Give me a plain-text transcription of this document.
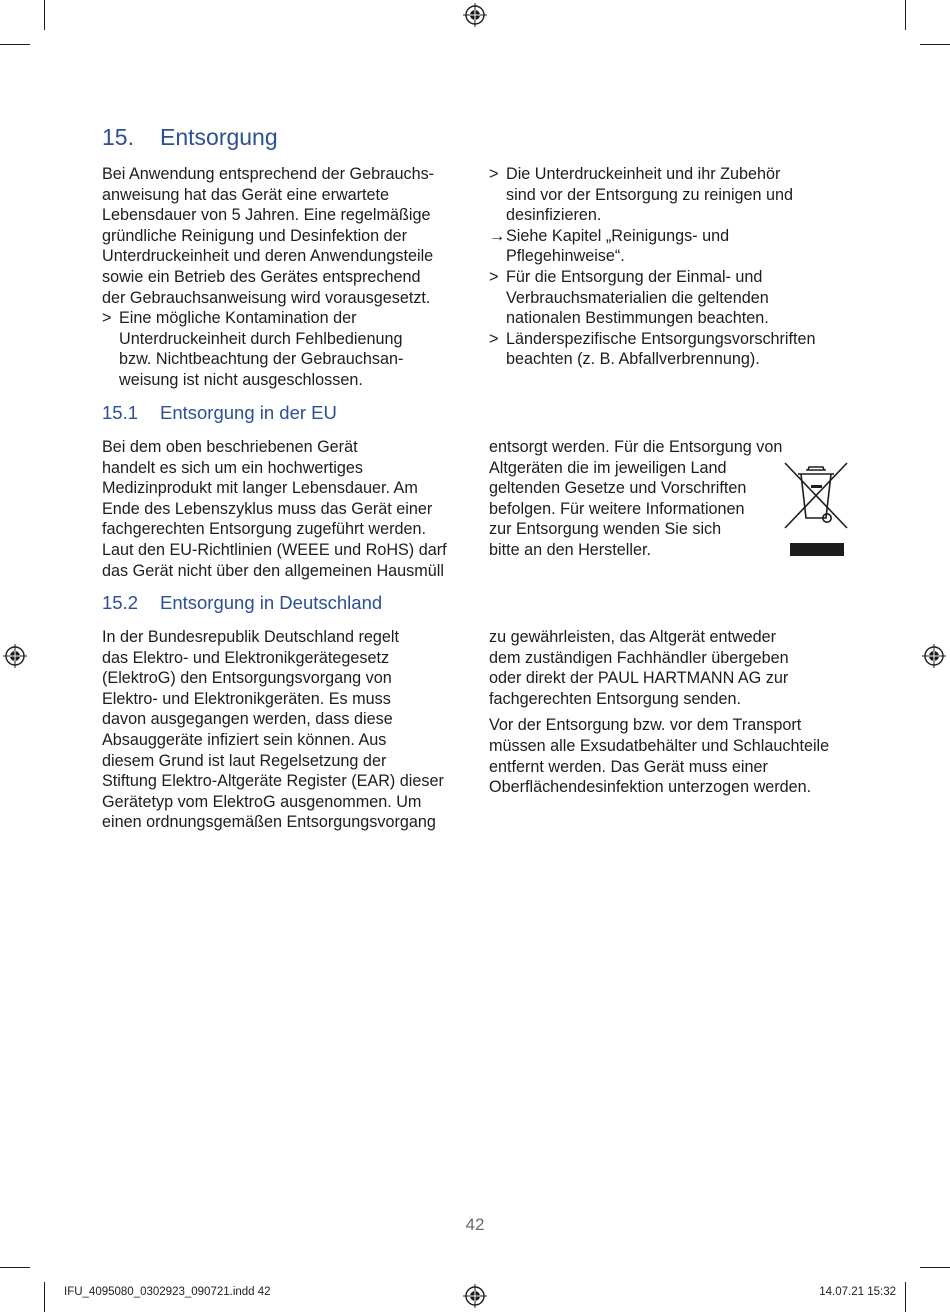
15. Entsorgung
Bei Anwendung entsprechend der Gebrauchs-
anweisung hat das Gerät eine erwartete
Lebensdauer von 5 Jahren. Eine regelmäßige
gründliche Reinigung und Desinfektion der
Unterdruckeinheit und deren Anwendungsteile
sowie ein Betrieb des Gerätes entsprechend
der Gebrauchsanweisung wird vorausgesetzt.
> Eine mögliche Kontamination der
Unterdruckeinheit durch Fehlbedienung
bzw. Nichtbeachtung der Gebrauchsan-
weisung ist nicht ausgeschlossen.
> Die Unterdruckeinheit und ihr Zubehör
sind vor der Entsorgung zu reinigen und
desinfizieren.
→ Siehe Kapitel „Reinigungs- und
Pflegehinweise“.
> Für die Entsorgung der Einmal- und
Verbrauchsmaterialien die geltenden
nationalen Bestimmungen beachten.
> Länderspezifische Entsorgungsvorschriften
beachten (z. B. Abfallverbrennung).
15.1 Entsorgung in der EU
Bei dem oben beschriebenen Gerät
handelt es sich um ein hochwertiges
Medizinprodukt mit langer Lebensdauer. Am
Ende des Lebenszyklus muss das Gerät einer
fachgerechten Entsorgung zugeführt werden.
Laut den EU-Richtlinien (WEEE und RoHS) darf
das Gerät nicht über den allgemeinen Hausmüll
entsorgt werden. Für die Entsorgung von
Altgeräten die im jeweiligen Land
geltenden Gesetze und Vorschriften
befolgen. Für weitere Informationen
zur Entsorgung wenden Sie sich
bitte an den Hersteller.
15.2 Entsorgung in Deutschland
In der Bundesrepublik Deutschland regelt
das Elektro- und Elektronikgerätegesetz
(ElektroG) den Entsorgungsvorgang von
Elektro- und Elektronikgeräten. Es muss
davon ausgegangen werden, dass diese
Absauggeräte infiziert sein können. Aus
diesem Grund ist laut Regelsetzung der
Stiftung Elektro-Altgeräte Register (EAR) dieser
Gerätetyp vom ElektroG ausgenommen. Um
einen ordnungsgemäßen Entsorgungsvorgang
zu gewährleisten, das Altgerät entweder
dem zuständigen Fachhändler übergeben
oder direkt der PAUL HARTMANN AG zur
fachgerechten Entsorgung senden.
Vor der Entsorgung bzw. vor dem Transport
müssen alle Exsudatbehälter und Schlauchteile
entfernt werden. Das Gerät muss einer
Oberflächendesinfektion unterzogen werden.
42
IFU_4095080_0302923_090721.indd 42	14.07.21 15:32
